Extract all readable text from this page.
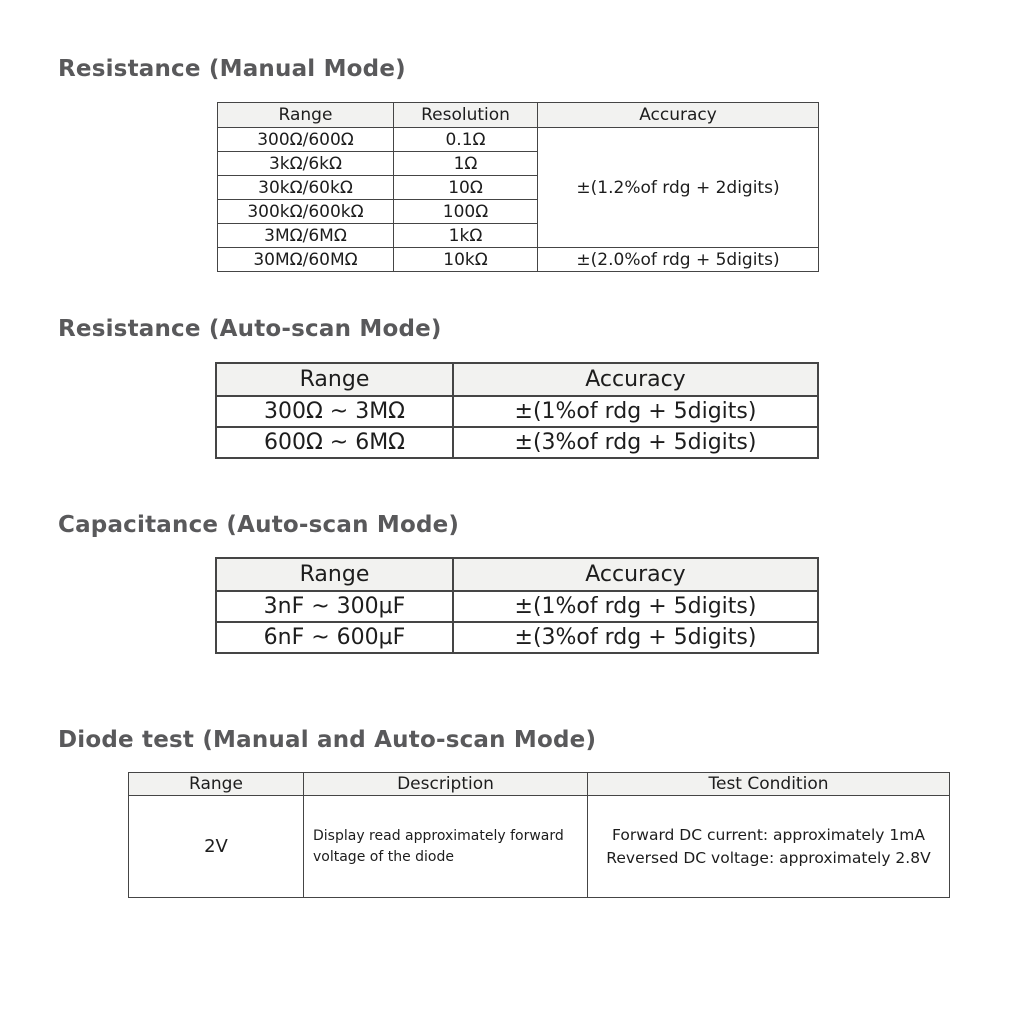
Resistance (Manual Mode)
Range	Resolution	Accuracy
300Ω/600Ω	0.1Ω	±(1.2%of rdg + 2digits)
3kΩ/6kΩ	1Ω	
30kΩ/60kΩ	10Ω	
300kΩ/600kΩ	100Ω	
3MΩ/6MΩ	1kΩ	
30MΩ/60MΩ	10kΩ	±(2.0%of rdg + 5digits)
Resistance (Auto-scan Mode)
Range	Accuracy
300Ω ~ 3MΩ	±(1%of rdg + 5digits)
600Ω ~ 6MΩ	±(3%of rdg + 5digits)
Capacitance (Auto-scan Mode)
Range	Accuracy
3nF ~ 300µF	±(1%of rdg + 5digits)
6nF ~ 600µF	±(3%of rdg + 5digits)
Diode test (Manual and Auto-scan Mode)
Range	Description	Test Condition
2V	Display read approximately forward voltage of the diode	Forward DC current: approximately 1mA
Reversed DC voltage: approximately 2.8V
